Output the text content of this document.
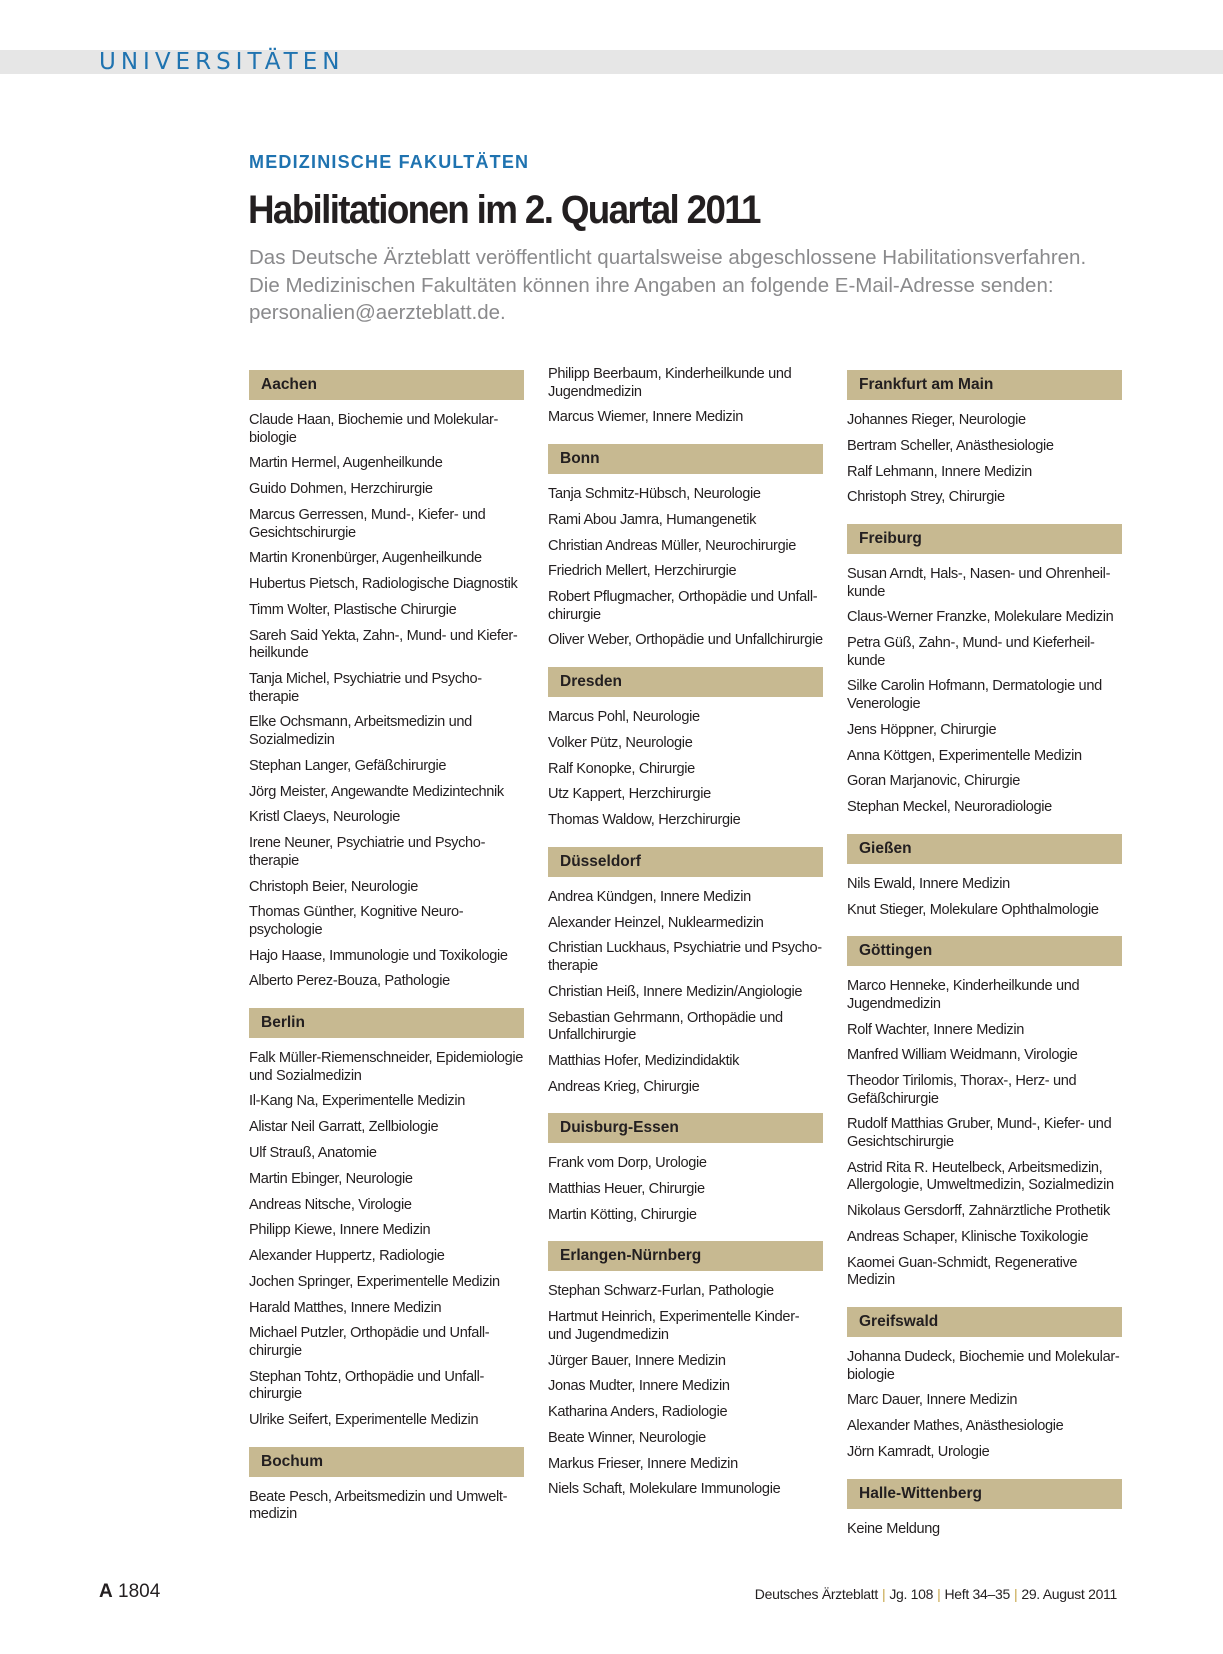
UNIVERSITÄTEN
MEDIZINISCHE FAKULTÄTEN
Habilitationen im 2. Quartal 2011

Das Deutsche Ärzteblatt veröffentlicht quartalsweise abgeschlossene Habilitationsverfahren. Die Medizinischen Fakultäten können ihre Angaben an folgende E-Mail-Adresse senden: personalien@aerzteblatt.de.

Aachen
Claude Haan, Biochemie und Molekular-
biologie
Martin Hermel, Augenheilkunde
Guido Dohmen, Herzchirurgie
Marcus Gerressen, Mund-, Kiefer- und
Gesichtschirurgie
Martin Kronenbürger, Augenheilkunde
Hubertus Pietsch, Radiologische Diagnostik
Timm Wolter, Plastische Chirurgie
Sareh Said Yekta, Zahn-, Mund- und Kiefer-
heilkunde
Tanja Michel, Psychiatrie und Psycho-
therapie
Elke Ochsmann, Arbeitsmedizin und
Sozialmedizin
Stephan Langer, Gefäßchirurgie
Jörg Meister, Angewandte Medizintechnik
Kristl Claeys, Neurologie
Irene Neuner, Psychiatrie und Psycho-
therapie
Christoph Beier, Neurologie
Thomas Günther, Kognitive Neuro-
psychologie
Hajo Haase, Immunologie und Toxikologie
Alberto Perez-Bouza, Pathologie
Berlin
Falk Müller-Riemenschneider, Epidemiologie
und Sozialmedizin
Il-Kang Na, Experimentelle Medizin
Alistar Neil Garratt, Zellbiologie
Ulf Strauß, Anatomie
Martin Ebinger, Neurologie
Andreas Nitsche, Virologie
Philipp Kiewe, Innere Medizin
Alexander Huppertz, Radiologie
Jochen Springer, Experimentelle Medizin
Harald Matthes, Innere Medizin
Michael Putzler, Orthopädie und Unfall-
chirurgie
Stephan Tohtz, Orthopädie und Unfall-
chirurgie
Ulrike Seifert, Experimentelle Medizin
Bochum
Beate Pesch, Arbeitsmedizin und Umwelt-
medizin
Philipp Beerbaum, Kinderheilkunde und
Jugendmedizin
Marcus Wiemer, Innere Medizin
Bonn
Tanja Schmitz-Hübsch, Neurologie
Rami Abou Jamra, Humangenetik
Christian Andreas Müller, Neurochirurgie
Friedrich Mellert, Herzchirurgie
Robert Pflugmacher, Orthopädie und Unfall-
chirurgie
Oliver Weber, Orthopädie und Unfallchirurgie
Dresden
Marcus Pohl, Neurologie
Volker Pütz, Neurologie
Ralf Konopke, Chirurgie
Utz Kappert, Herzchirurgie
Thomas Waldow, Herzchirurgie
Düsseldorf
Andrea Kündgen, Innere Medizin
Alexander Heinzel, Nuklearmedizin
Christian Luckhaus, Psychiatrie und Psycho-
therapie
Christian Heiß, Innere Medizin/Angiologie
Sebastian Gehrmann, Orthopädie und
Unfallchirurgie
Matthias Hofer, Medizindidaktik
Andreas Krieg, Chirurgie
Duisburg-Essen
Frank vom Dorp, Urologie
Matthias Heuer, Chirurgie
Martin Kötting, Chirurgie
Erlangen-Nürnberg
Stephan Schwarz-Furlan, Pathologie
Hartmut Heinrich, Experimentelle Kinder-
und Jugendmedizin
Jürger Bauer, Innere Medizin
Jonas Mudter, Innere Medizin
Katharina Anders, Radiologie
Beate Winner, Neurologie
Markus Frieser, Innere Medizin
Niels Schaft, Molekulare Immunologie
Frankfurt am Main
Johannes Rieger, Neurologie
Bertram Scheller, Anästhesiologie
Ralf Lehmann, Innere Medizin
Christoph Strey, Chirurgie
Freiburg
Susan Arndt, Hals-, Nasen- und Ohrenheil-
kunde
Claus-Werner Franzke, Molekulare Medizin
Petra Güß, Zahn-, Mund- und Kieferheil-
kunde
Silke Carolin Hofmann, Dermatologie und
Venerologie
Jens Höppner, Chirurgie
Anna Köttgen, Experimentelle Medizin
Goran Marjanovic, Chirurgie
Stephan Meckel, Neuroradiologie
Gießen
Nils Ewald, Innere Medizin
Knut Stieger, Molekulare Ophthalmologie
Göttingen
Marco Henneke, Kinderheilkunde und
Jugendmedizin
Rolf Wachter, Innere Medizin
Manfred William Weidmann, Virologie
Theodor Tirilomis, Thorax-, Herz- und
Gefäßchirurgie
Rudolf Matthias Gruber, Mund-, Kiefer- und
Gesichtschirurgie
Astrid Rita R. Heutelbeck, Arbeitsmedizin,
Allergologie, Umweltmedizin, Sozialmedizin
Nikolaus Gersdorff, Zahnärztliche Prothetik
Andreas Schaper, Klinische Toxikologie
Kaomei Guan-Schmidt, Regenerative
Medizin
Greifswald
Johanna Dudeck, Biochemie und Molekular-
biologie
Marc Dauer, Innere Medizin
Alexander Mathes, Anästhesiologie
Jörn Kamradt, Urologie
Halle-Wittenberg
Keine Meldung
A 1804	Deutsches Ärzteblatt | Jg. 108 | Heft 34–35 | 29. August 2011
